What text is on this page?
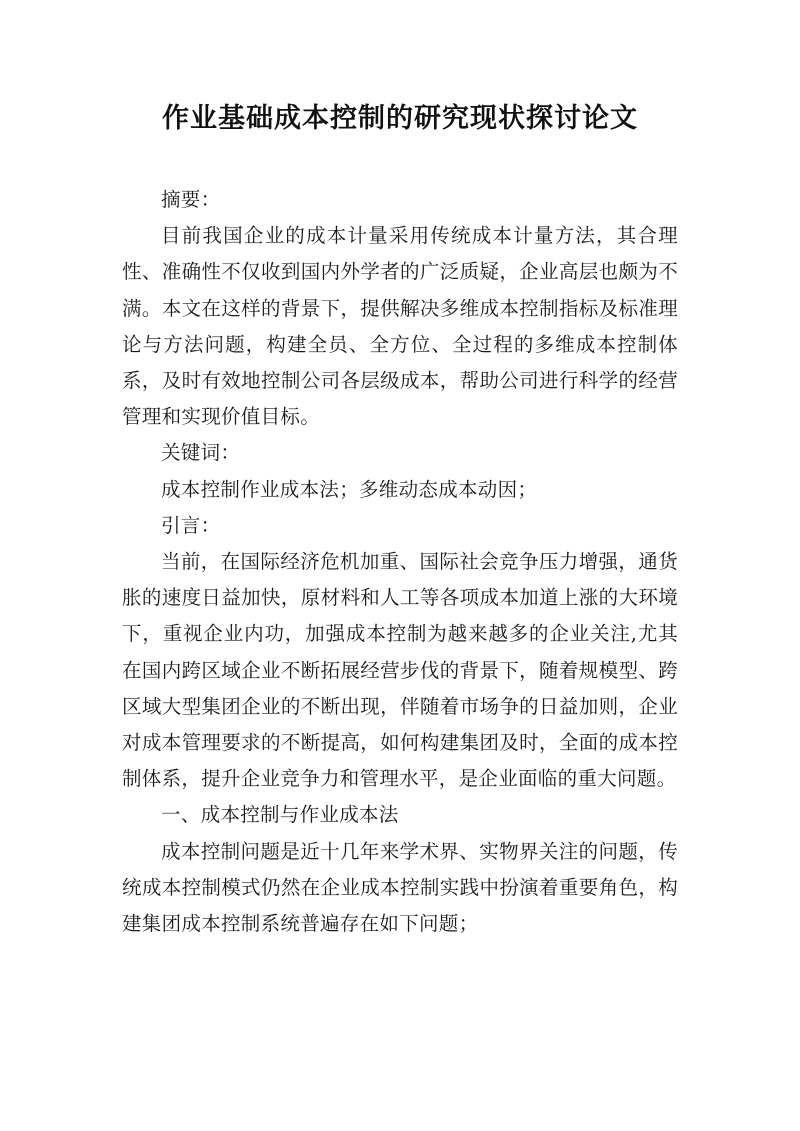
作业基础成本控制的研究现状探讨论文

摘要：

目前我国企业的成本计量采用传统成本计量方法，其合理性、准确性不仅收到国内外学者的广泛质疑，企业高层也颇为不满。本文在这样的背景下，提供解决多维成本控制指标及标准理论与方法问题，构建全员、全方位、全过程的多维成本控制体系，及时有效地控制公司各层级成本，帮助公司进行科学的经营管理和实现价值目标。

关键词：

成本控制作业成本法；多维动态成本动因；

引言：

当前，在国际经济危机加重、国际社会竞争压力增强，通货胀的速度日益加快，原材料和人工等各项成本加道上涨的大环境下，重视企业内功，加强成本控制为越来越多的企业关注,尤其在国内跨区域企业不断拓展经营步伐的背景下，随着规模型、跨区域大型集团企业的不断出现，伴随着市场争的日益加则，企业对成本管理要求的不断提高，如何构建集团及时，全面的成本控制体系，提升企业竞争力和管理水平，是企业面临的重大问题。

一、成本控制与作业成本法

成本控制问题是近十几年来学术界、实物界关注的问题，传统成本控制模式仍然在企业成本控制实践中扮演着重要角色，构建集团成本控制系统普遍存在如下问题；
